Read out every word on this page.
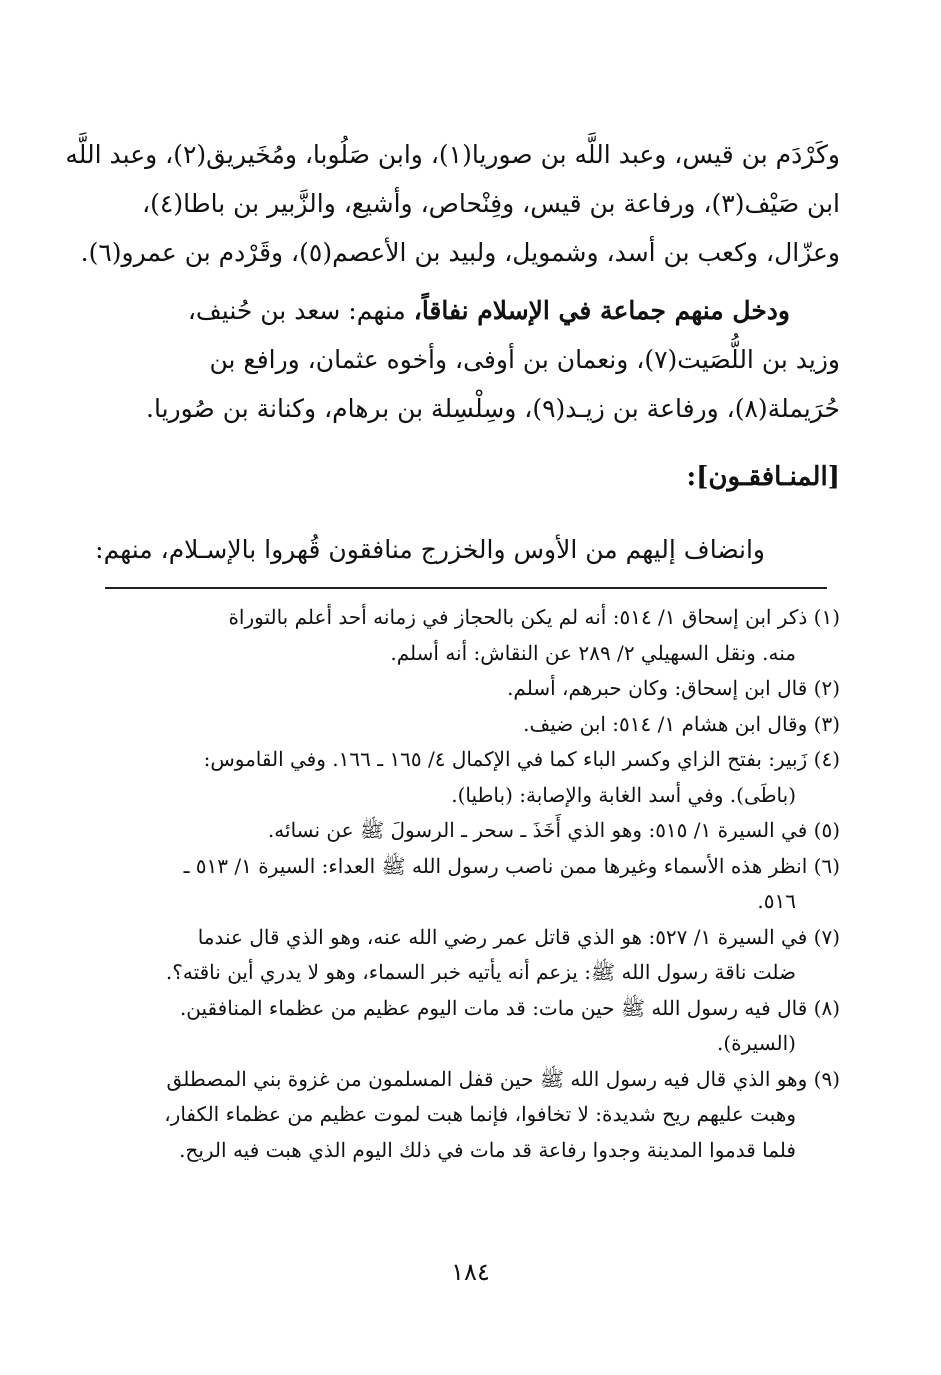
وكَرْدَم بن قيس، وعبد اللَّه بن صوريا(١)، وابن صَلُوبا، ومُخَيريق(٢)، وعبد اللَّه
ابن صَيْف(٣)، ورفاعة بن قيس، وفِنْحاص، وأشيع، والزَّبير بن باطا(٤)،
وعزّال، وكعب بن أسد، وشمويل، ولبيد بن الأعصم(٥)، وقَرْدم بن عمرو(٦).
ودخل منهم جماعة في الإسلام نفاقاً، منهم: سعد بن حُنيف،
وزيد بن اللُّصَيت(٧)، ونعمان بن أوفى، وأخوه عثمان، ورافع بن
حُرَيملة(٨)، ورفاعة بن زيـد(٩)، وسِلْسِلة بن برهام، وكنانة بن صُوريا.
[المنـافقـون]:
وانضاف إليهم من الأوس والخزرج منافقون قُهروا بالإسـلام، منهم:
(١) ذكر ابن إسحاق ١/ ٥١٤: أنه لم يكن بالحجاز في زمانه أحد أعلم بالتوراة
منه. ونقل السهيلي ٢/ ٢٨٩ عن النقاش: أنه أسلم.
(٢) قال ابن إسحاق: وكان حبرهم، أسلم.
(٣) وقال ابن هشام ١/ ٥١٤: ابن ضيف.
(٤) زَبير: بفتح الزاي وكسر الباء كما في الإكمال ٤/ ١٦٥ ـ ١٦٦. وفي القاموس:
(باطَى). وفي أسد الغابة والإصابة: (باطيا).
(٥) في السيرة ١/ ٥١٥: وهو الذي أَخَذَ ـ سحر ـ الرسولَ ﷺ عن نسائه.
(٦) انظر هذه الأسماء وغيرها ممن ناصب رسول الله ﷺ العداء: السيرة ١/ ٥١٣ ـ
٥١٦.
(٧) في السيرة ١/ ٥٢٧: هو الذي قاتل عمر رضي الله عنه، وهو الذي قال عندما
ضلت ناقة رسول الله ﷺ: يزعم أنه يأتيه خبر السماء، وهو لا يدري أين ناقته؟.
(٨) قال فيه رسول الله ﷺ حين مات: قد مات اليوم عظيم من عظماء المنافقين.
(السيرة).
(٩) وهو الذي قال فيه رسول الله ﷺ حين قفل المسلمون من غزوة بني المصطلق
وهبت عليهم ريح شديدة: لا تخافوا، فإنما هبت لموت عظيم من عظماء الكفار،
فلما قدموا المدينة وجدوا رفاعة قد مات في ذلك اليوم الذي هبت فيه الريح.
١٨٤
